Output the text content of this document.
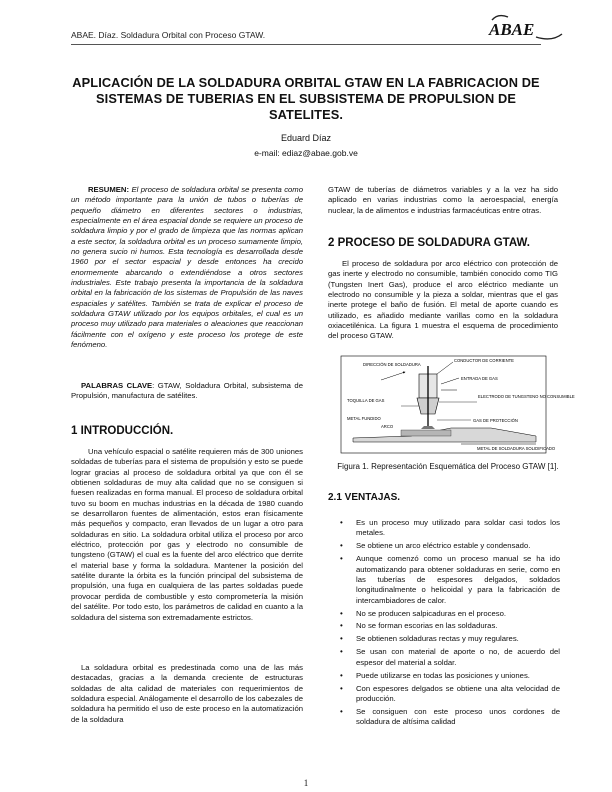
ABAE. Díaz. Soldadura Orbital con Proceso GTAW.	ABAE
APLICACIÓN DE LA SOLDADURA ORBITAL GTAW EN LA FABRICACION DE SISTEMAS DE TUBERIAS EN EL SUBSISTEMA DE PROPULSION DE SATELITES.
Eduard Díaz
e-mail: ediaz@abae.gob.ve

RESUMEN: El proceso de soldadura orbital se presenta como un método importante para la unión de tubos o tuberías de pequeño diámetro en diferentes sectores o industrias, especialmente en el área espacial donde se requiere un proceso de soldadura limpio y por el grado de limpieza que las normas aplican a este sector, la soldadura orbital es un proceso sumamente limpio, no genera sucio ni humos. Esta tecnología es desarrollada desde 1960 por el sector espacial y desde entonces ha crecido enormemente abarcando o extendiéndose a otros sectores industriales. Este trabajo presenta la importancia de la soldadura orbital en la fabricación de los sistemas de Propulsión de las naves espaciales y satélites. También se trata de explicar el proceso de soldadura GTAW utilizado por los equipos orbitales, el cual es un proceso muy utilizado para materiales o aleaciones que reaccionan fácilmente con el oxígeno y este proceso los protege de este fenómeno.

PALABRAS CLAVE: GTAW, Soldadura Orbital, subsistema de Propulsión, manufactura de satélites.

1 INTRODUCCIÓN.

Una vehículo espacial o satélite requieren más de 300 uniones soldadas de tuberías para el sistema de propulsión y esto se puede lograr gracias al proceso de soldadura orbital ya que con él se obtienen soldaduras de muy alta calidad que no se consiguen si fuesen realizadas en forma manual. El proceso de soldadura orbital tuvo su boom en muchas industrias en la década de 1980 cuando se desarrollaron fuentes de alimentación, estos eran físicamente más pequeños y compacto, eran llevados de un lugar a otro para soldaduras en sitio. La soldadura orbital utiliza el proceso por arco eléctrico, protección por gas y electrodo no consumible de tungsteno (GTAW) el cual es la fuente del arco eléctrico que derrite el material base y forma la soldadura. Mantener la posición del satélite durante la órbita es la función principal del subsistema de propulsión, una fuga en cualquiera de las partes soldadas puede provocar perdida de combustible y esto comprometería la misión del satélite. Por todo esto, los parámetros de calidad en cuanto a la soldadura del sistema son extremadamente estrictos.

La soldadura orbital es predestinada como una de las más destacadas, gracias a la demanda creciente de estructuras soldadas de alta calidad de materiales con requerimientos de soldadura especial. Análogamente el desarrollo de los cabezales de soldadura ha permitido el uso de este proceso en la automatización de la soldadura

GTAW de tuberías de diámetros variables y a la vez ha sido aplicado en varias industrias como la aeroespacial, energía nuclear, la de alimentos e industrias farmacéuticas entre otras.

2 PROCESO DE SOLDADURA GTAW.

El proceso de soldadura por arco eléctrico con protección de gas inerte y electrodo no consumible, también conocido como TIG (Tungsten Inert Gas), produce el arco eléctrico mediante un electrodo no consumible y la pieza a soldar, mientras que el gas inerte protege el baño de fusión. El metal de aporte cuando es utilizado, es añadido mediante varillas como en la soldadura oxiacetilénica. La figura 1 muestra el esquema de procedimiento del proceso GTAW.

DIRECCIÓN DE SOLDADURA
CONDUCTOR DE CORRIENTE
ENTRADA DE GAS
TOQUILLA DE GAS
ELECTRODO DE TUNGSTENO NO CONSUMIBLE
GAS DE PROTECCIÓN
METAL FUNDIDO
ARCO
METAL DE SOLDADURA SOLIDIFICADO
Figura 1. Representación Esquemática del Proceso GTAW [1].
2.1 VENTAJAS.
• Es un proceso muy utilizado para soldar casi todos los metales.
• Se obtiene un arco eléctrico estable y condensado.
• Aunque comenzó como un proceso manual se ha ido automatizando para obtener soldaduras en serie, como en las tuberías de espesores delgados, soldados longitudinalmente o helicoidal y para la fabricación de intercambiadores de calor.
• No se producen salpicaduras en el proceso.
• No se forman escorias en las soldaduras.
• Se obtienen soldaduras rectas y muy regulares.
• Se usan con material de aporte o no, de acuerdo del espesor del material a soldar.
• Puede utilizarse en todas las posiciones y uniones.
• Con espesores delgados se obtiene una alta velocidad de producción.
• Se consiguen con este proceso unos cordones de soldadura de altísima calidad
1
